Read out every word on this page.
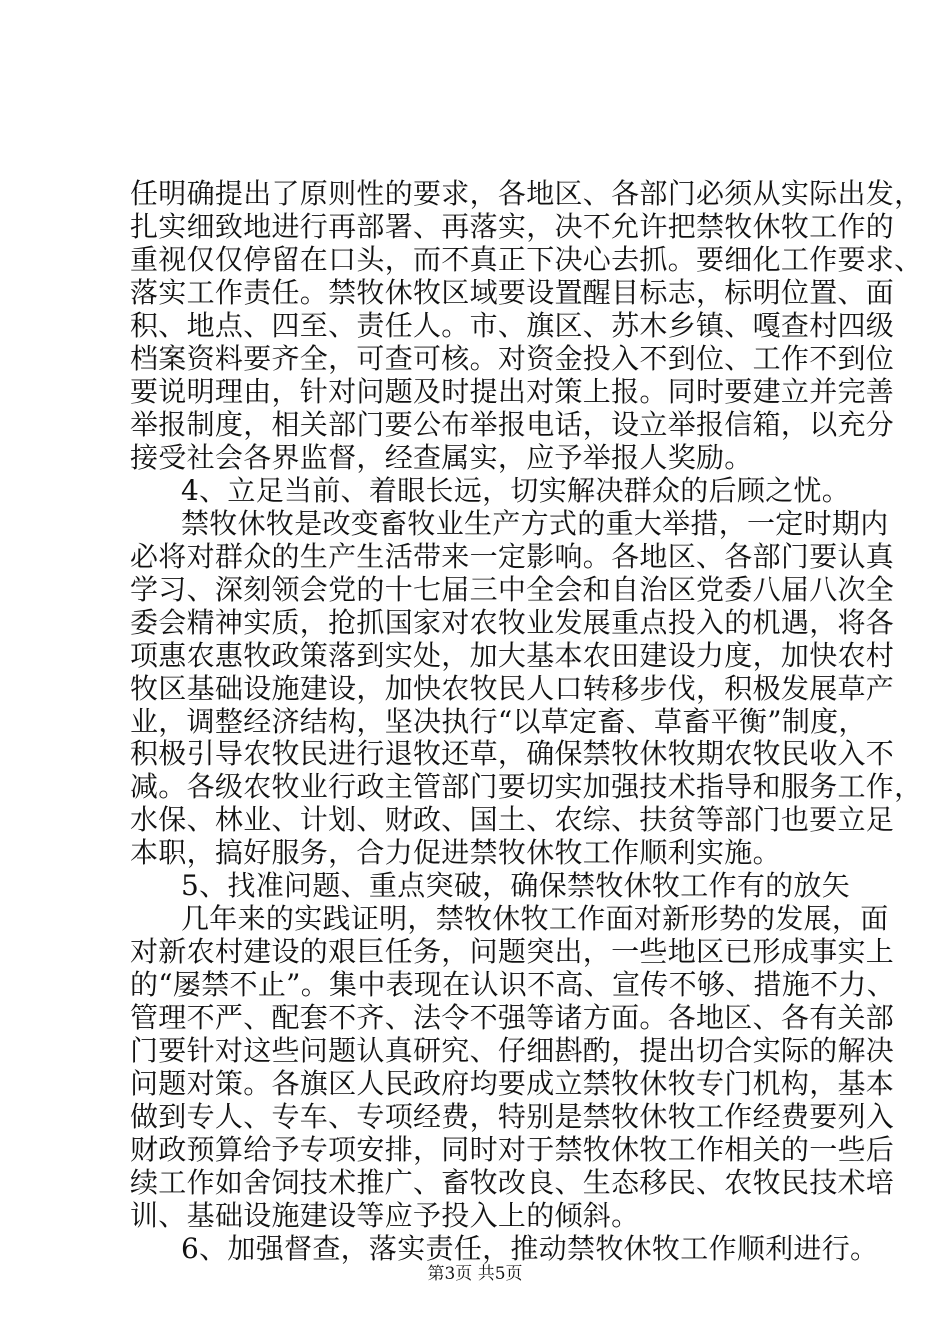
任明确提出了原则性的要求，各地区、各部门必须从实际出发，
扎实细致地进行再部署、再落实，决不允许把禁牧休牧工作的
重视仅仅停留在口头，而不真正下决心去抓。要细化工作要求、
落实工作责任。禁牧休牧区域要设置醒目标志，标明位置、面
积、地点、四至、责任人。市、旗区、苏木乡镇、嘎查村四级
档案资料要齐全，可查可核。对资金投入不到位、工作不到位
要说明理由，针对问题及时提出对策上报。同时要建立并完善
举报制度，相关部门要公布举报电话，设立举报信箱，以充分
接受社会各界监督，经查属实，应予举报人奖励。
4、立足当前、着眼长远，切实解决群众的后顾之忧。
禁牧休牧是改变畜牧业生产方式的重大举措，一定时期内
必将对群众的生产生活带来一定影响。各地区、各部门要认真
学习、深刻领会党的十七届三中全会和自治区党委八届八次全
委会精神实质，抢抓国家对农牧业发展重点投入的机遇，将各
项惠农惠牧政策落到实处，加大基本农田建设力度，加快农村
牧区基础设施建设，加快农牧民人口转移步伐，积极发展草产
业，调整经济结构，坚决执行“以草定畜、草畜平衡”制度，
积极引导农牧民进行退牧还草，确保禁牧休牧期农牧民收入不
减。各级农牧业行政主管部门要切实加强技术指导和服务工作，
水保、林业、计划、财政、国土、农综、扶贫等部门也要立足
本职，搞好服务，合力促进禁牧休牧工作顺利实施。
5、找准问题、重点突破，确保禁牧休牧工作有的放矢
几年来的实践证明，禁牧休牧工作面对新形势的发展，面
对新农村建设的艰巨任务，问题突出，一些地区已形成事实上
的“屡禁不止”。集中表现在认识不高、宣传不够、措施不力、
管理不严、配套不齐、法令不强等诸方面。各地区、各有关部
门要针对这些问题认真研究、仔细斟酌，提出切合实际的解决
问题对策。各旗区人民政府均要成立禁牧休牧专门机构，基本
做到专人、专车、专项经费，特别是禁牧休牧工作经费要列入
财政预算给予专项安排，同时对于禁牧休牧工作相关的一些后
续工作如舍饲技术推广、畜牧改良、生态移民、农牧民技术培
训、基础设施建设等应予投入上的倾斜。
6、加强督查，落实责任，推动禁牧休牧工作顺利进行。
第3页 共5页
